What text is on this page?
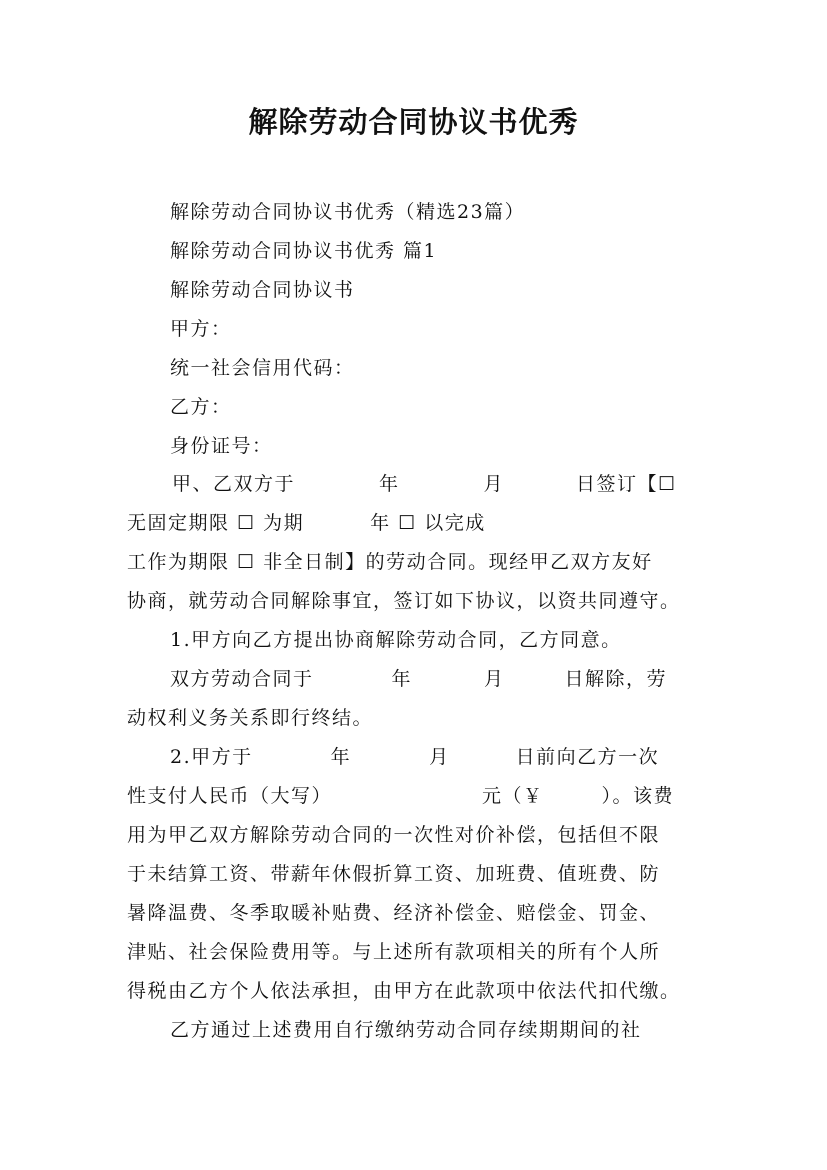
解除劳动合同协议书优秀
解除劳动合同协议书优秀（精选23篇）
解除劳动合同协议书优秀 篇1
解除劳动合同协议书
甲方：
统一社会信用代码：
乙方：
身份证号：
甲、乙双方于	年	月	日签订【☐
无固定期限 ☐ 为期	年 ☐ 以完成
工作为期限 ☐ 非全日制】的劳动合同。现经甲乙双方友好
协商，就劳动合同解除事宜，签订如下协议，以资共同遵守。
1.甲方向乙方提出协商解除劳动合同，乙方同意。
双方劳动合同于	年	月	日解除，劳
动权利义务关系即行终结。
2.甲方于	年	月	日前向乙方一次
性支付人民币（大写）	元（￥	）。该费
用为甲乙双方解除劳动合同的一次性对价补偿，包括但不限
于未结算工资、带薪年休假折算工资、加班费、值班费、防
暑降温费、冬季取暖补贴费、经济补偿金、赔偿金、罚金、
津贴、社会保险费用等。与上述所有款项相关的所有个人所
得税由乙方个人依法承担，由甲方在此款项中依法代扣代缴。
乙方通过上述费用自行缴纳劳动合同存续期期间的社
